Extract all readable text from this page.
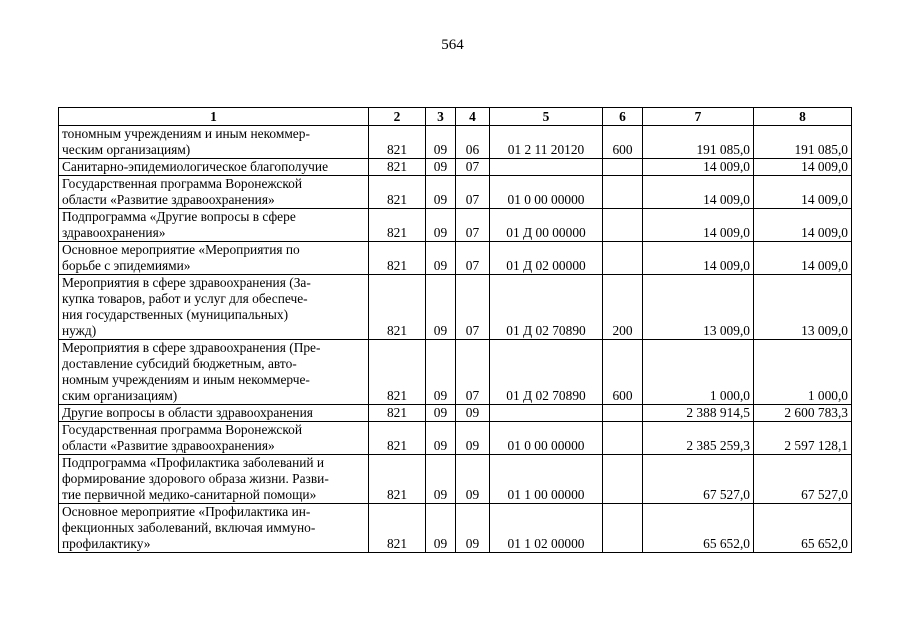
564
1	2	3	4	5	6	7	8

тономным учреждениям и иным некоммер-
ческим организациям)	821	09	06	01 2 11 20120	600	191 085,0	191 085,0

Санитарно-эпидемиологическое благополучие	821	09	07			14 009,0	14 009,0

Государственная программа Воронежской
области «Развитие здравоохранения»	821	09	07	01 0 00 00000		14 009,0	14 009,0

Подпрограмма «Другие вопросы в сфере
здравоохранения»	821	09	07	01 Д 00 00000		14 009,0	14 009,0

Основное мероприятие «Мероприятия по
борьбе с эпидемиями»	821	09	07	01 Д 02 00000		14 009,0	14 009,0

Мероприятия в сфере здравоохранения (За-
купка товаров, работ и услуг для обеспече-
ния государственных (муниципальных)
нужд)	821	09	07	01 Д 02 70890	200	13 009,0	13 009,0

Мероприятия в сфере здравоохранения (Пре-
доставление субсидий бюджетным, авто-
номным учреждениям и иным некоммерче-
ским организациям)	821	09	07	01 Д 02 70890	600	1 000,0	1 000,0

Другие вопросы в области здравоохранения	821	09	09			2 388 914,5	2 600 783,3

Государственная программа Воронежской
области «Развитие здравоохранения»	821	09	09	01 0 00 00000		2 385 259,3	2 597 128,1

Подпрограмма «Профилактика заболеваний и
формирование здорового образа жизни. Разви-
тие первичной медико-санитарной помощи»	821	09	09	01 1 00 00000		67 527,0	67 527,0

Основное мероприятие «Профилактика ин-
фекционных заболеваний, включая иммуно-
профилактику»	821	09	09	01 1 02 00000		65 652,0	65 652,0
